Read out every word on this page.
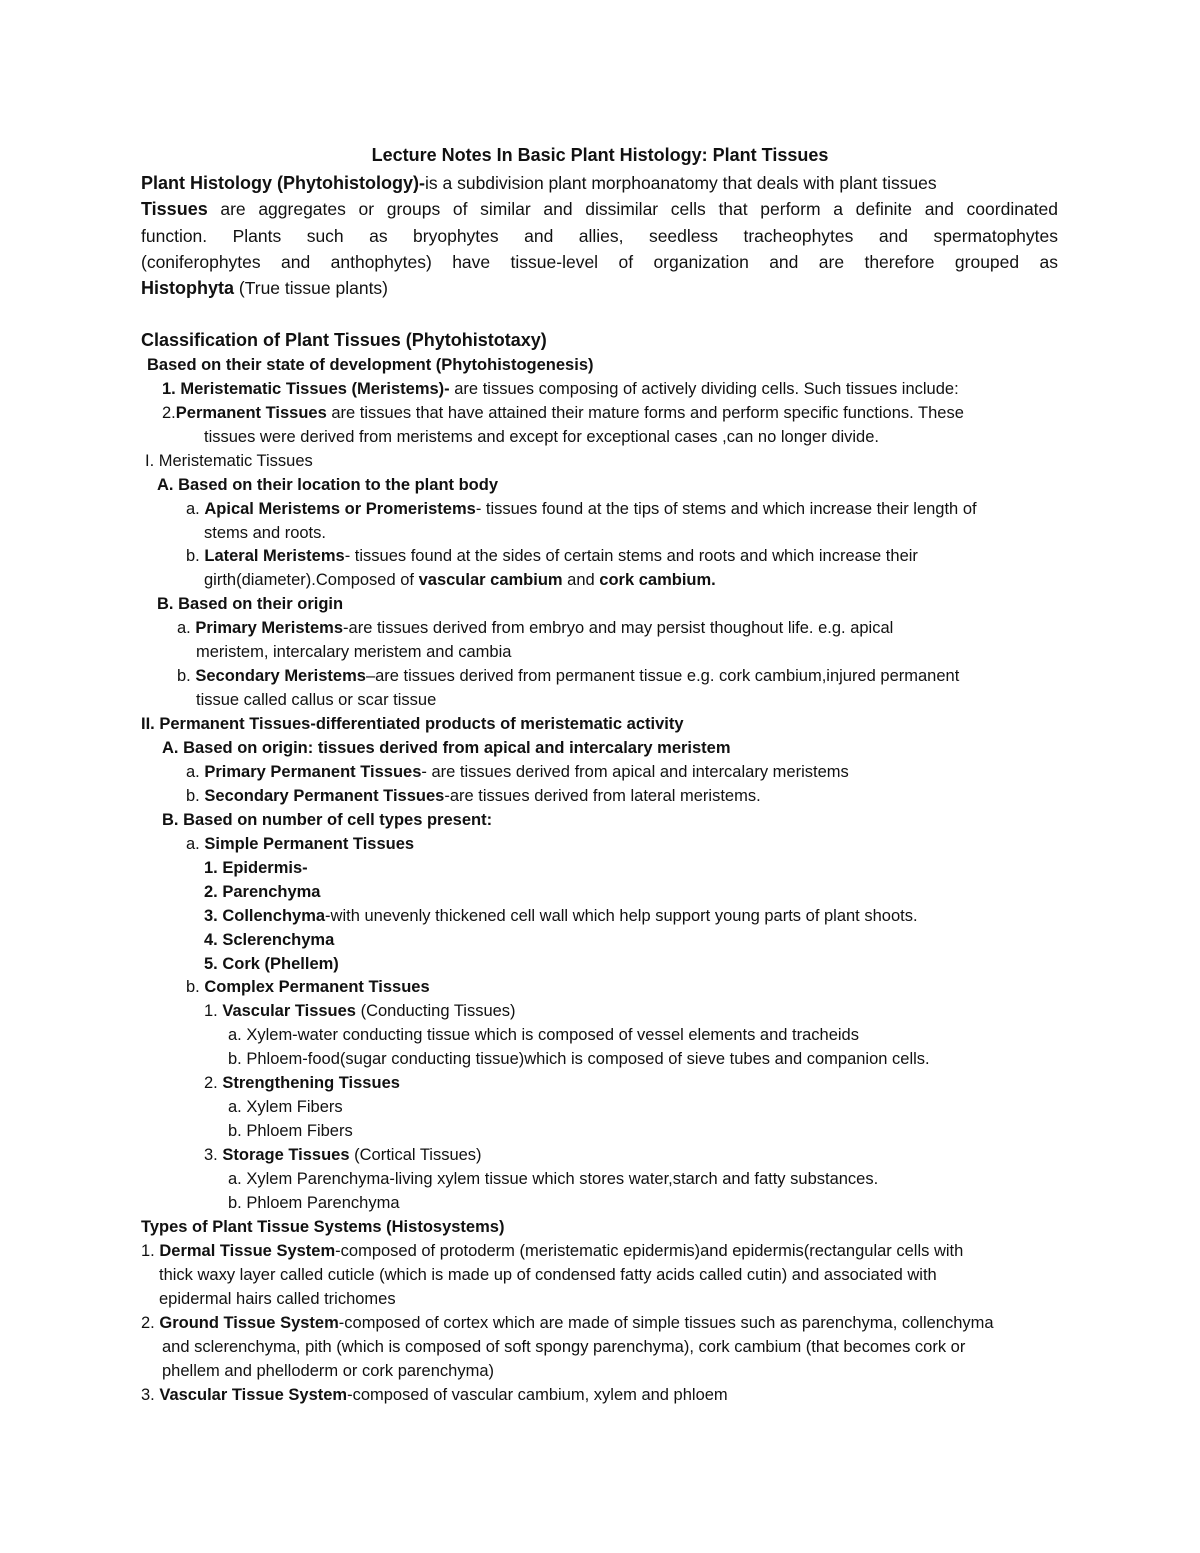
Lecture Notes In Basic Plant Histology: Plant Tissues
Plant Histology (Phytohistology)-is a subdivision plant morphoanatomy that deals with plant tissues
Tissues are aggregates or groups of similar and dissimilar cells that perform a definite and coordinated
function. Plants such as bryophytes and allies, seedless tracheophytes and spermatophytes
(coniferophytes and anthophytes) have tissue-level of organization and are therefore grouped as
Histophyta (True tissue plants)
Classification of Plant Tissues (Phytohistotaxy)
Based on their state of development (Phytohistogenesis)
1. Meristematic Tissues (Meristems)- are tissues composing of actively dividing cells. Such tissues include:
2.Permanent Tissues are tissues that have attained their mature forms and perform specific functions. These
tissues were derived from meristems and except for exceptional cases ,can no longer divide.
I. Meristematic Tissues
A. Based on their location to the plant body
a. Apical Meristems or Promeristems- tissues found at the tips of stems and which increase their length of
stems and roots.
b. Lateral Meristems- tissues found at the sides of certain stems and roots and which increase their
girth(diameter).Composed of vascular cambium and cork cambium.
B. Based on their origin
a. Primary Meristems-are tissues derived from embryo and may persist thoughout life. e.g. apical
meristem, intercalary meristem and cambia
b. Secondary Meristems–are tissues derived from permanent tissue e.g. cork cambium,injured permanent
tissue called callus or scar tissue
II. Permanent Tissues-differentiated products of meristematic activity
A. Based on origin: tissues derived from apical and intercalary meristem
a. Primary Permanent Tissues- are tissues derived from apical and intercalary meristems
b. Secondary Permanent Tissues-are tissues derived from lateral meristems.
B. Based on number of cell types present:
a. Simple Permanent Tissues
1. Epidermis-
2. Parenchyma
3. Collenchyma-with unevenly thickened cell wall which help support young parts of plant shoots.
4. Sclerenchyma
5. Cork (Phellem)
b. Complex Permanent Tissues
1. Vascular Tissues (Conducting Tissues)
a. Xylem-water conducting tissue which is composed of vessel elements and tracheids
b. Phloem-food(sugar conducting tissue)which is composed of sieve tubes and companion cells.
2. Strengthening Tissues
a. Xylem Fibers
b. Phloem Fibers
3. Storage Tissues (Cortical Tissues)
a. Xylem Parenchyma-living xylem tissue which stores water,starch and fatty substances.
b. Phloem Parenchyma
Types of Plant Tissue Systems (Histosystems)
1. Dermal Tissue System-composed of protoderm (meristematic epidermis)and epidermis(rectangular cells with
thick waxy layer called cuticle (which is made up of condensed fatty acids called cutin) and associated with
epidermal hairs called trichomes
2. Ground Tissue System-composed of cortex which are made of simple tissues such as parenchyma, collenchyma
and sclerenchyma, pith (which is composed of soft spongy parenchyma), cork cambium (that becomes cork or
phellem and phelloderm or cork parenchyma)
3. Vascular Tissue System-composed of vascular cambium, xylem and phloem
